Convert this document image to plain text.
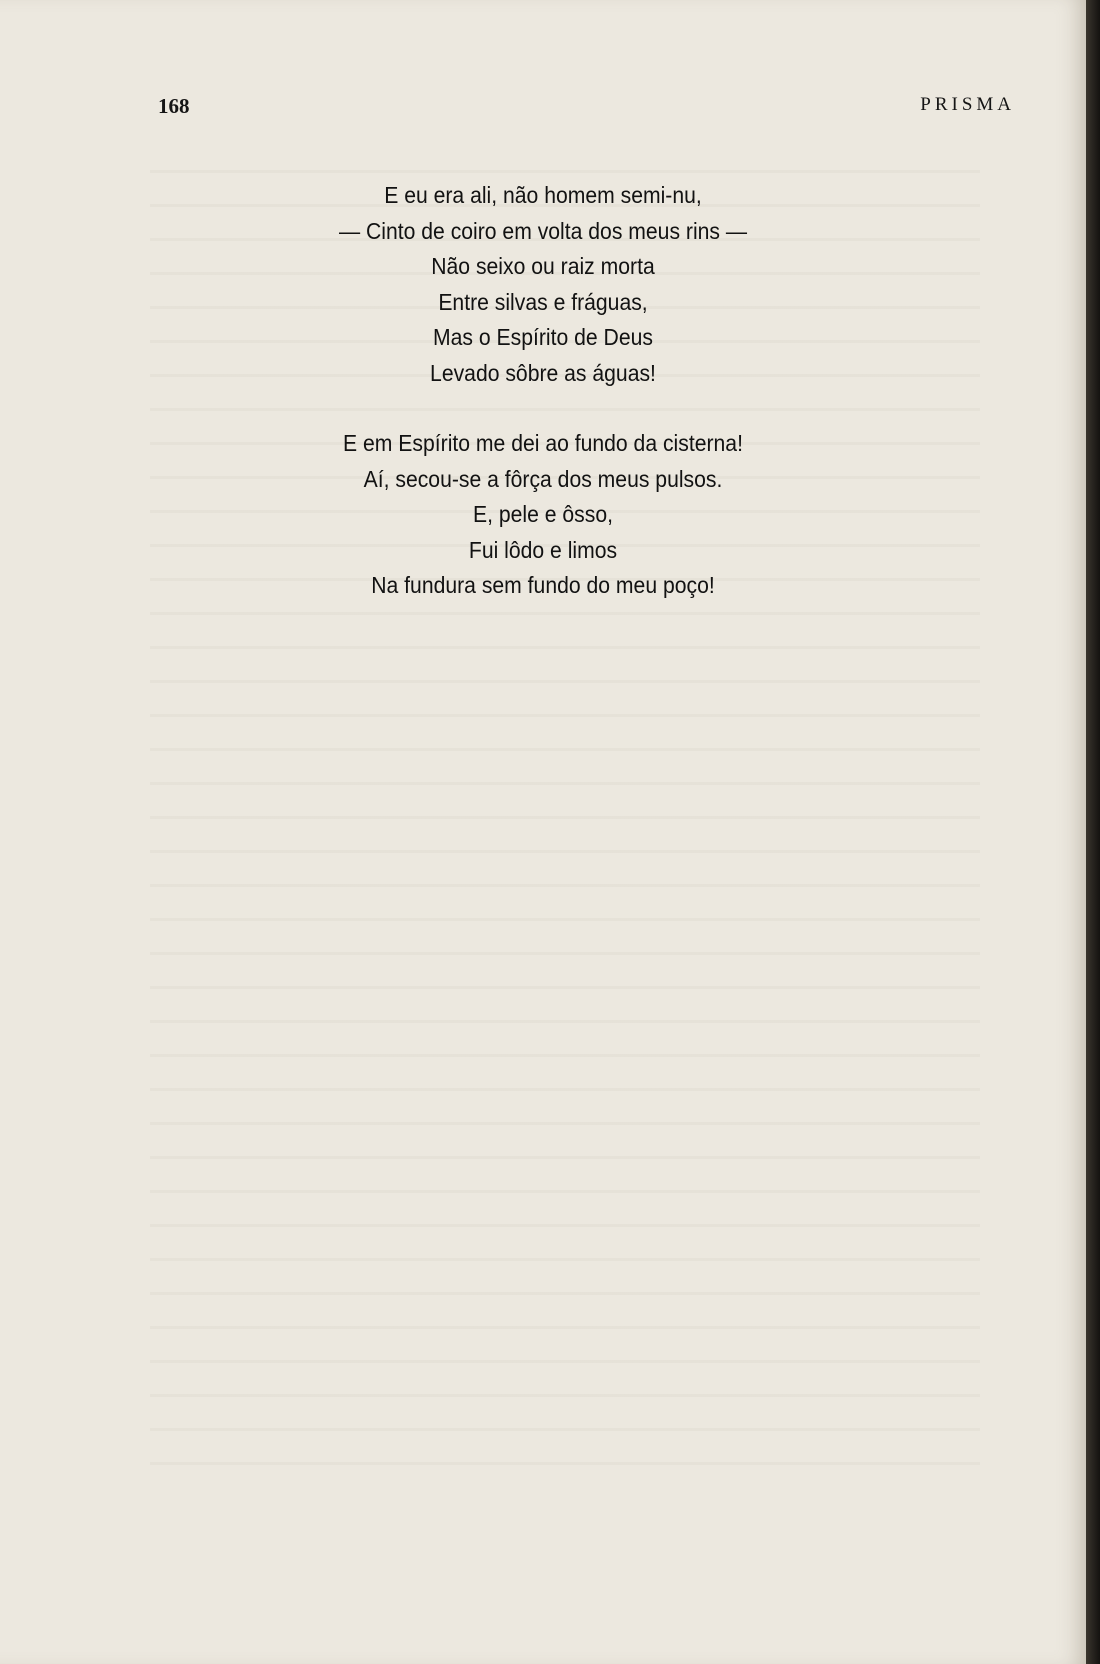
168	PRISMA
E eu era ali, não homem semi-nu,
— Cinto de coiro em volta dos meus rins —
Não seixo ou raiz morta
Entre silvas e fráguas,
Mas o Espírito de Deus
Levado sôbre as águas!
E em Espírito me dei ao fundo da cisterna!
Aí, secou-se a fôrça dos meus pulsos.
E, pele e ôsso,
Fui lôdo e limos
Na fundura sem fundo do meu poço!
